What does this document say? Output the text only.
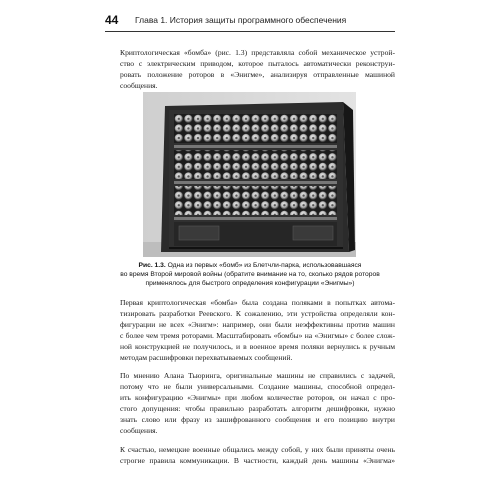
44 Глава 1. История защиты программного обеспечения

Криптологическая «бомба» (рис. 1.3) представляла собой механическое устрой-
ство с электрическим приводом, которое пыталось автоматически реконструи-
ровать положение роторов в «Энигме», анализируя отправленные машиной
сообщения.

Рис. 1.3. Одна из первых «бомб» из Блетчли-парка, использовавшаяся
во время Второй мировой войны (обратите внимание на то, сколько рядов роторов
применялось для быстрого определения конфигурации «Энигмы»)

Первая криптологическая «бомба» была создана поляками в попытках автома-
тизировать разработки Реевского. К сожалению, эти устройства определяли кон-
фигурации не всех «Энигм»: например, они были неэффективны против машин
с более чем тремя роторами. Масштабировать «бомбы» на «Энигмы» с более слож-
ной конструкцией не получилось, и в военное время поляки вернулись к ручным
методам расшифровки перехватываемых сообщений.

По мнению Алана Тьюринга, оригинальные машины не справились с задачей,
потому что не были универсальными. Создание машины, способной определ-
ить конфигурацию «Энигмы» при любом количестве роторов, он начал с про-
стого допущения: чтобы правильно разработать алгоритм дешифровки, нужно
знать слово или фразу из зашифрованного сообщения и его позицию внутри
сообщения.

К счастью, немецкие военные общались между собой, у них были приняты очень
строгие правила коммуникации. В частности, каждый день машины «Энигма»
